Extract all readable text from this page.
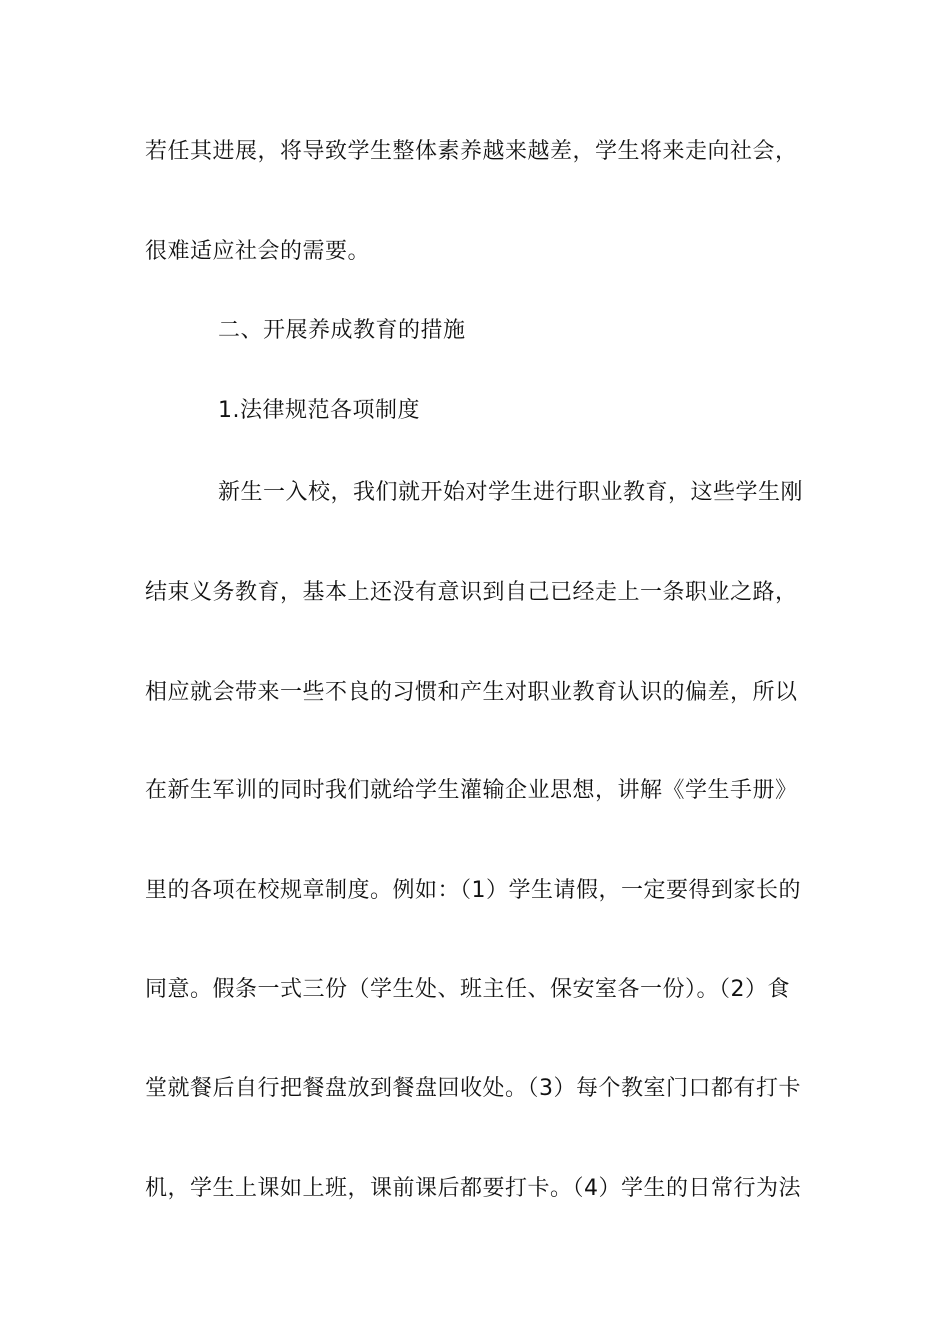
若任其进展，将导致学生整体素养越来越差，学生将来走向社会，
很难适应社会的需要。
二、开展养成教育的措施
1.法律规范各项制度
新生一入校，我们就开始对学生进行职业教育，这些学生刚
结束义务教育，基本上还没有意识到自己已经走上一条职业之路，
相应就会带来一些不良的习惯和产生对职业教育认识的偏差，所以
在新生军训的同时我们就给学生灌输企业思想，讲解《学生手册》
里的各项在校规章制度。例如：（1）学生请假，一定要得到家长的
同意。假条一式三份（学生处、班主任、保安室各一份）。（2）食
堂就餐后自行把餐盘放到餐盘回收处。（3）每个教室门口都有打卡
机，学生上课如上班，课前课后都要打卡。（4）学生的日常行为法
